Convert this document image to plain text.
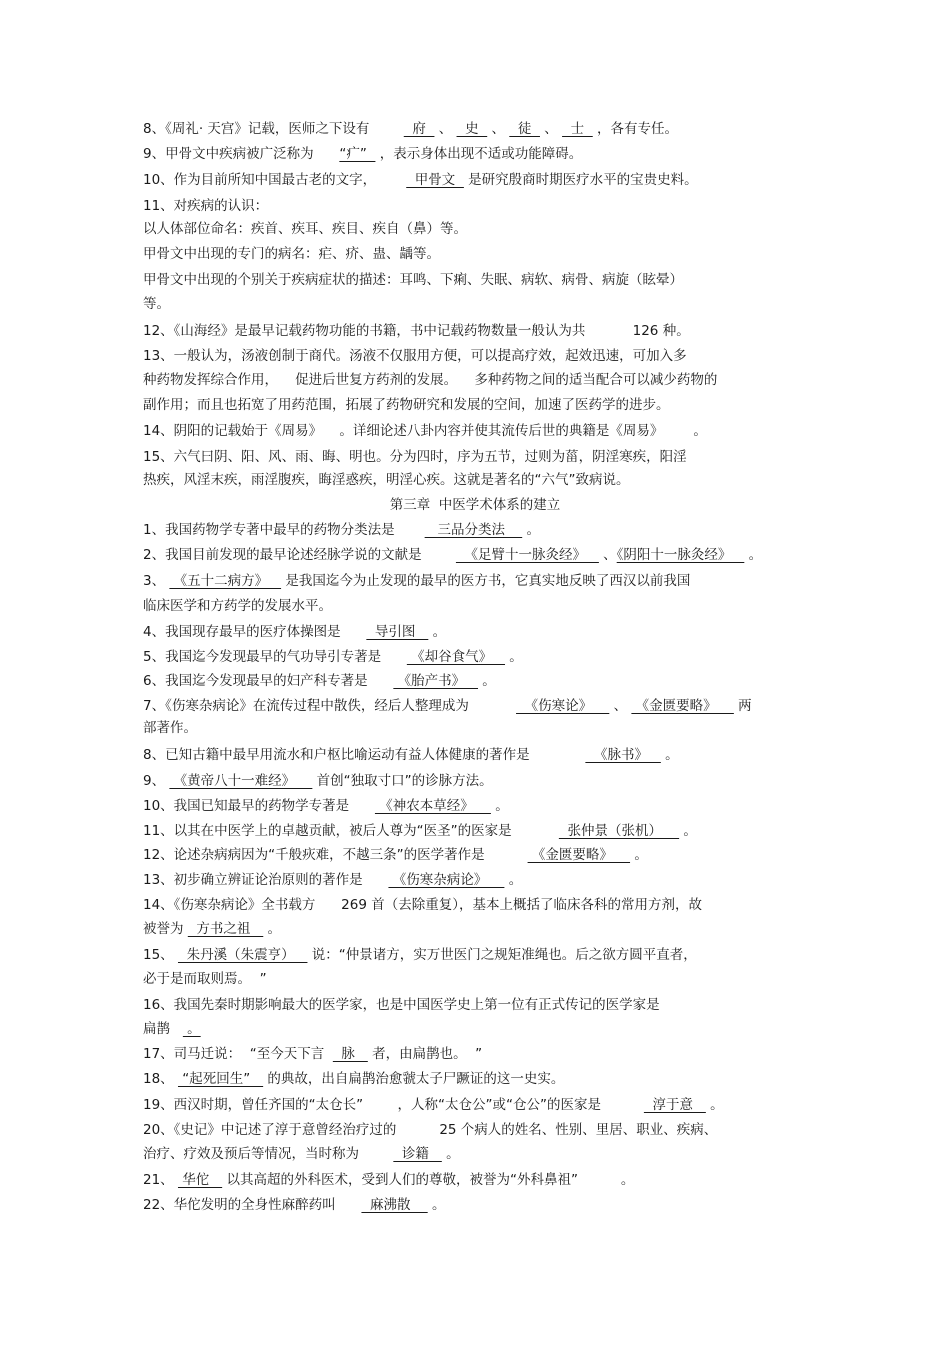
8、《周礼· 天宫》记载，医师之下设有          府   、   史   、   徒   、   士   ，各有专任。
9、甲骨文中疾病被广泛称为      “疒”   ，表示身体出现不适或功能障碍。
10、作为目前所知中国最古老的文字，         甲骨文   是研究殷商时期医疗水平的宝贵史料。
11、对疾病的认识：
以人体部位命名：疾首、疾耳、疾目、疾自（鼻）等。
甲骨文中出现的专门的病名：疟、疥、蛊、龋等。
甲骨文中出现的个别关于疾病症状的描述：耳鸣、下痢、失眠、病软、病骨、病旋（眩晕）
等。
12、《山海经》是最早记载药物功能的书籍，书中记载药物数量一般认为共           126 种。
13、一般认为，汤液创制于商代。汤液不仅服用方便，可以提高疗效，起效迅速，可加入多
种药物发挥综合作用，    促进后世复方药剂的发展。    多种药物之间的适当配合可以减少药物的
副作用；而且也拓宽了用药范围，拓展了药物研究和发展的空间，加速了医药学的进步。
14、阴阳的记载始于《周易》    。详细论述八卦内容并使其流传后世的典籍是《周易》       。
15、六气曰阴、阳、风、雨、晦、明也。分为四时，序为五节，过则为菑，阴淫寒疾，阳淫
热疾，风淫末疾，雨淫腹疾，晦淫惑疾，明淫心疾。这就是著名的“六气”致病说。
第三章  中医学术体系的建立
1、我国药物学专著中最早的药物分类法是          三品分类法     。
2、我国目前发现的最早论述经脉学说的文献是          《足臂十一脉灸经》    、《阴阳十一脉灸经》    。
3、  《五十二病方》    是我国迄今为止发现的最早的医方书，它真实地反映了西汉以前我国
临床医学和方药学的发展水平。
4、我国现存最早的医疗体操图是        导引图    。
5、我国迄今发现最早的气功导引专著是       《却谷食气》    。
6、我国迄今发现最早的妇产科专著是       《胎产书》    。
7、《伤寒杂病论》在流传过程中散佚，经后人整理成为             《伤寒论》     、  《金匮要略》     两
部著作。
8、已知古籍中最早用流水和户枢比喻运动有益人体健康的著作是               《脉书》    。
9、  《黄帝八十一难经》     首创“独取寸口”的诊脉方法。
10、我国已知最早的药物学专著是       《神农本草经》     。
11、以其在中医学上的卓越贡献，被后人尊为“医圣”的医家是             张仲景（张机）     。
12、论述杂病病因为“千般疢难，不越三条”的医学著作是           《金匮要略》     。
13、初步确立辨证论治原则的著作是       《伤寒杂病论》     。
14、《伤寒杂病论》全书载方      269 首（去除重复），基本上概括了临床各科的常用方剂，故
被誉为   方书之祖    。
15、   朱丹溪（朱震亨）    说：“仲景诸方，实万世医门之规矩准绳也。后之欲方圆平直者，
必于是而取则焉。  ”
16、我国先秦时期影响最大的医学家，也是中国医学史上第一位有正式传记的医学家是
扁鹊    。
17、司马迁说：  “至今天下言    脉    者，由扁鹊也。  ”
18、  “起死回生”    的典故，出自扁鹊治愈虢太子尸蹶证的这一史实。
19、西汉时期，曾任齐国的“太仓长”        ，人称“太仓公”或“仓公”的医家是            淳于意    。
20、《史记》中记述了淳于意曾经治疗过的          25 个病人的姓名、性别、里居、职业、疾病、
治疗、疗效及预后等情况，当时称为          诊籍    。
21、  华佗    以其高超的外科医术，受到人们的尊敬，被誉为“外科鼻祖”          。
22、华佗发明的全身性麻醉药叫        麻沸散     。
